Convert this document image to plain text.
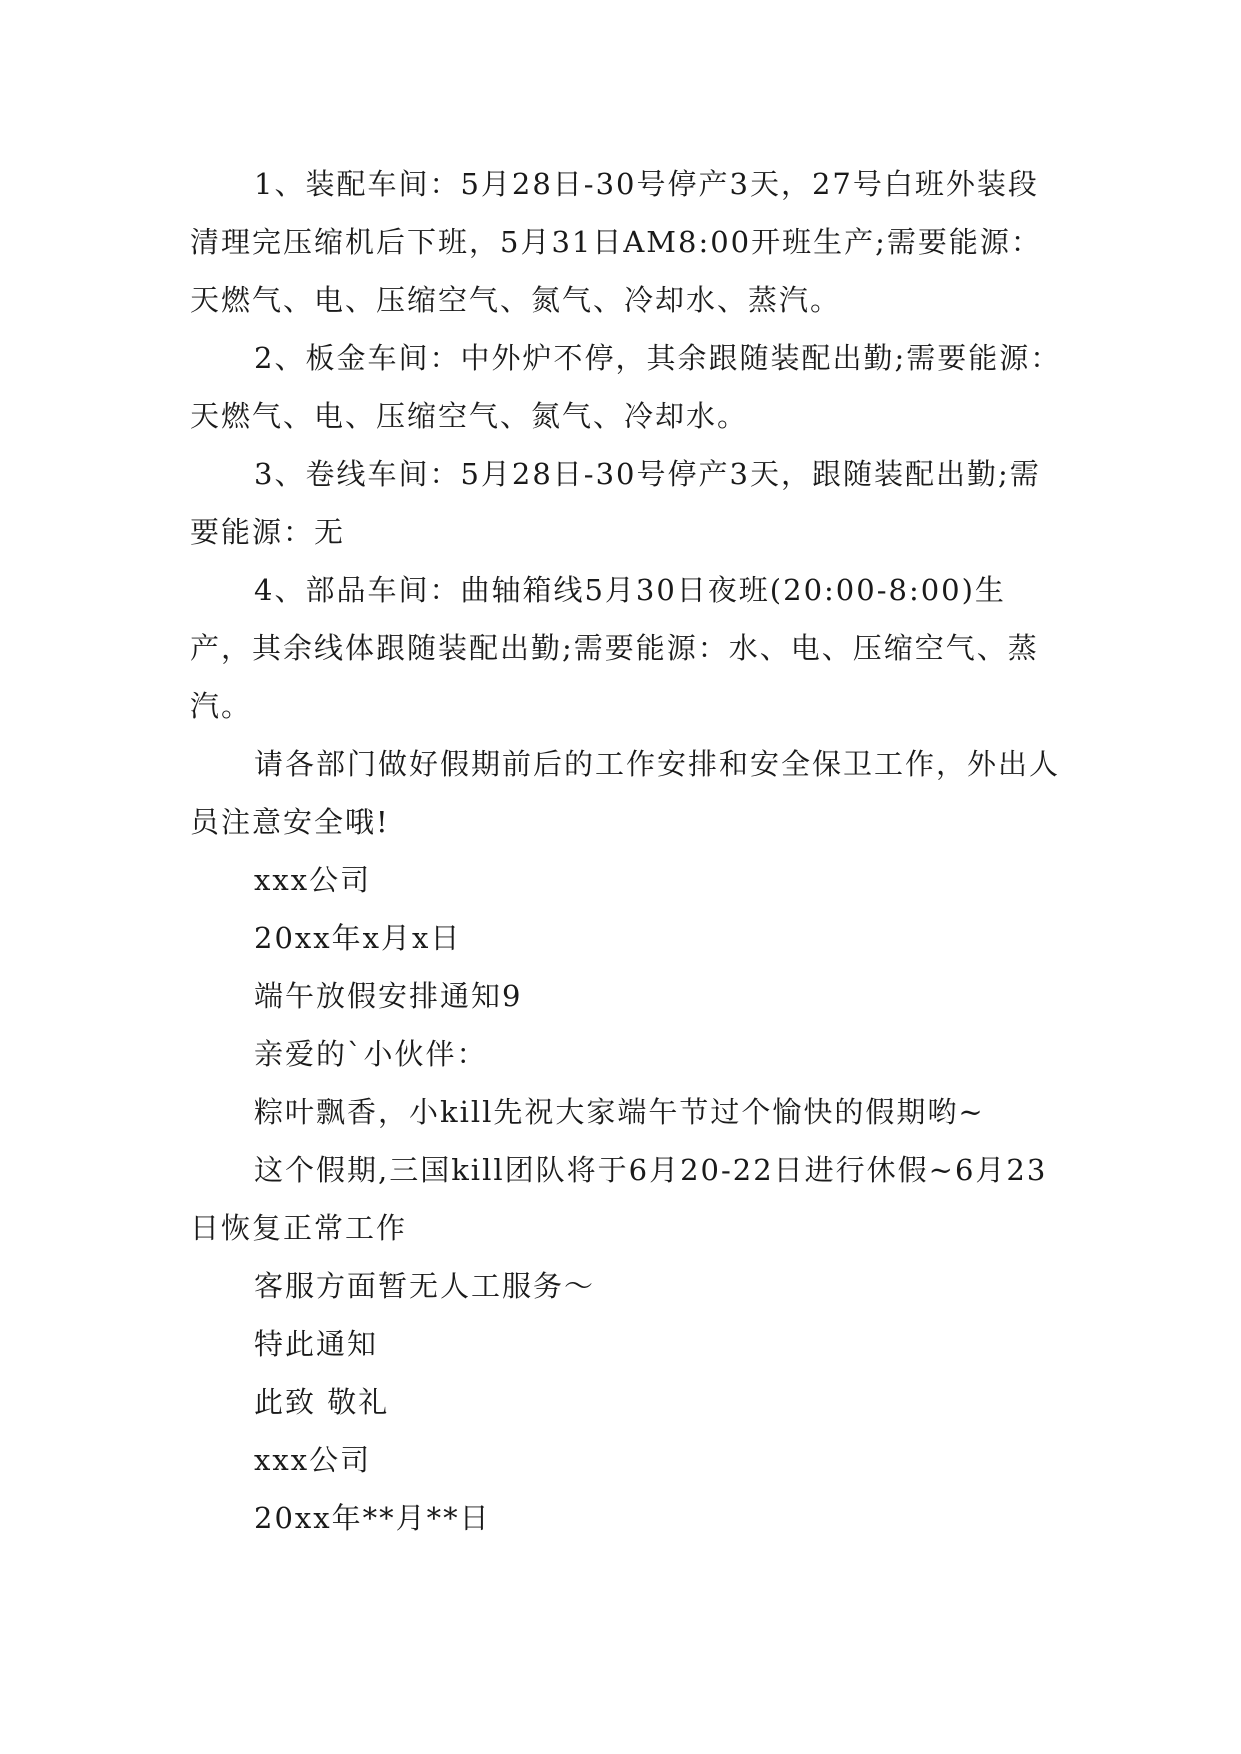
1、装配车间：5月28日-30号停产3天，27号白班外装段清理完压缩机后下班，5月31日AM8:00开班生产;需要能源：天燃气、电、压缩空气、氮气、冷却水、蒸汽。

2、板金车间：中外炉不停，其余跟随装配出勤;需要能源：天燃气、电、压缩空气、氮气、冷却水。

3、卷线车间：5月28日-30号停产3天，跟随装配出勤;需要能源：无

4、部品车间：曲轴箱线5月30日夜班(20:00-8:00)生产，其余线体跟随装配出勤;需要能源：水、电、压缩空气、蒸汽。

请各部门做好假期前后的工作安排和安全保卫工作，外出人员注意安全哦!

xxx公司

20xx年x月x日

端午放假安排通知9

亲爱的`小伙伴：

粽叶飘香，小kill先祝大家端午节过个愉快的假期哟~

这个假期,三国kill团队将于6月20-22日进行休假~6月23日恢复正常工作

客服方面暂无人工服务～

特此通知

此致 敬礼

xxx公司

20xx年**月**日
